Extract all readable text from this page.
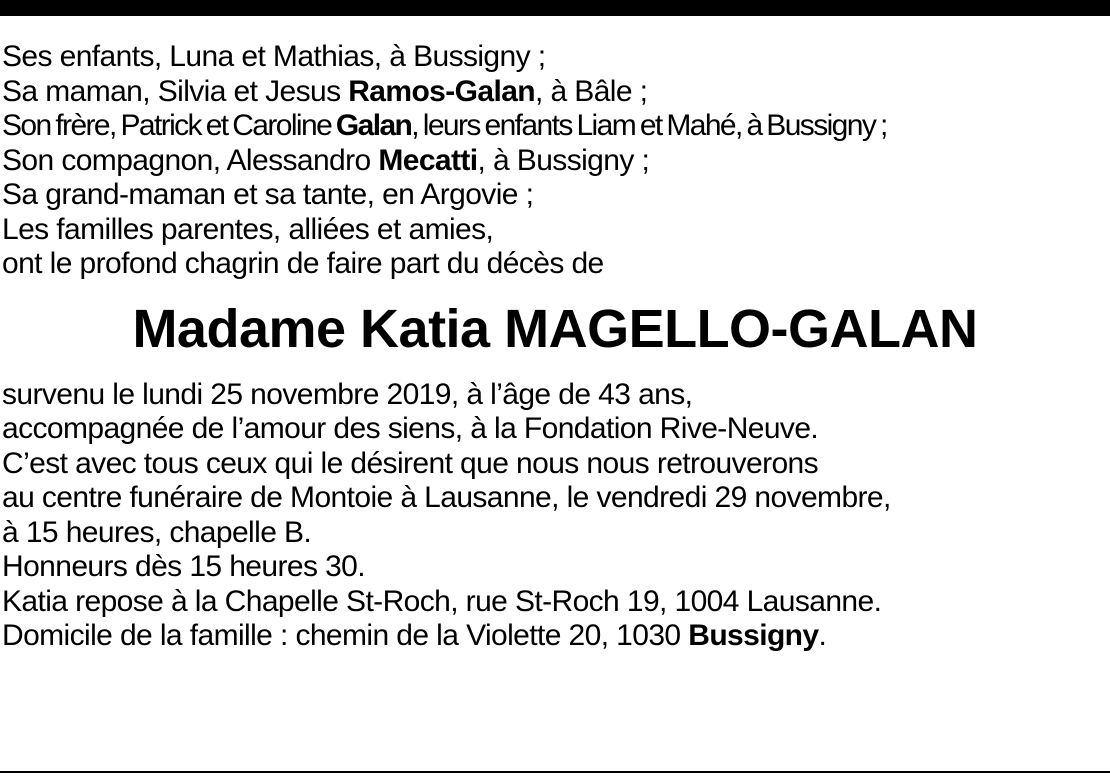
Ses enfants, Luna et Mathias, à Bussigny ;
Sa maman, Silvia et Jesus Ramos-Galan, à Bâle ;
Son frère, Patrick et Caroline Galan, leurs enfants Liam et Mahé, à Bussigny ;
Son compagnon, Alessandro Mecatti, à Bussigny ;
Sa grand-maman et sa tante, en Argovie ;
Les familles parentes, alliées et amies,
ont le profond chagrin de faire part du décès de
Madame Katia MAGELLO-GALAN
survenu le lundi 25 novembre 2019, à l’âge de 43 ans,
accompagnée de l’amour des siens, à la Fondation Rive-Neuve.
C’est avec tous ceux qui le désirent que nous nous retrouverons
au centre funéraire de Montoie à Lausanne, le vendredi 29 novembre,
à 15 heures, chapelle B.
Honneurs dès 15 heures 30.
Katia repose à la Chapelle St-Roch, rue St-Roch 19, 1004 Lausanne.
Domicile de la famille : chemin de la Violette 20, 1030 Bussigny.
